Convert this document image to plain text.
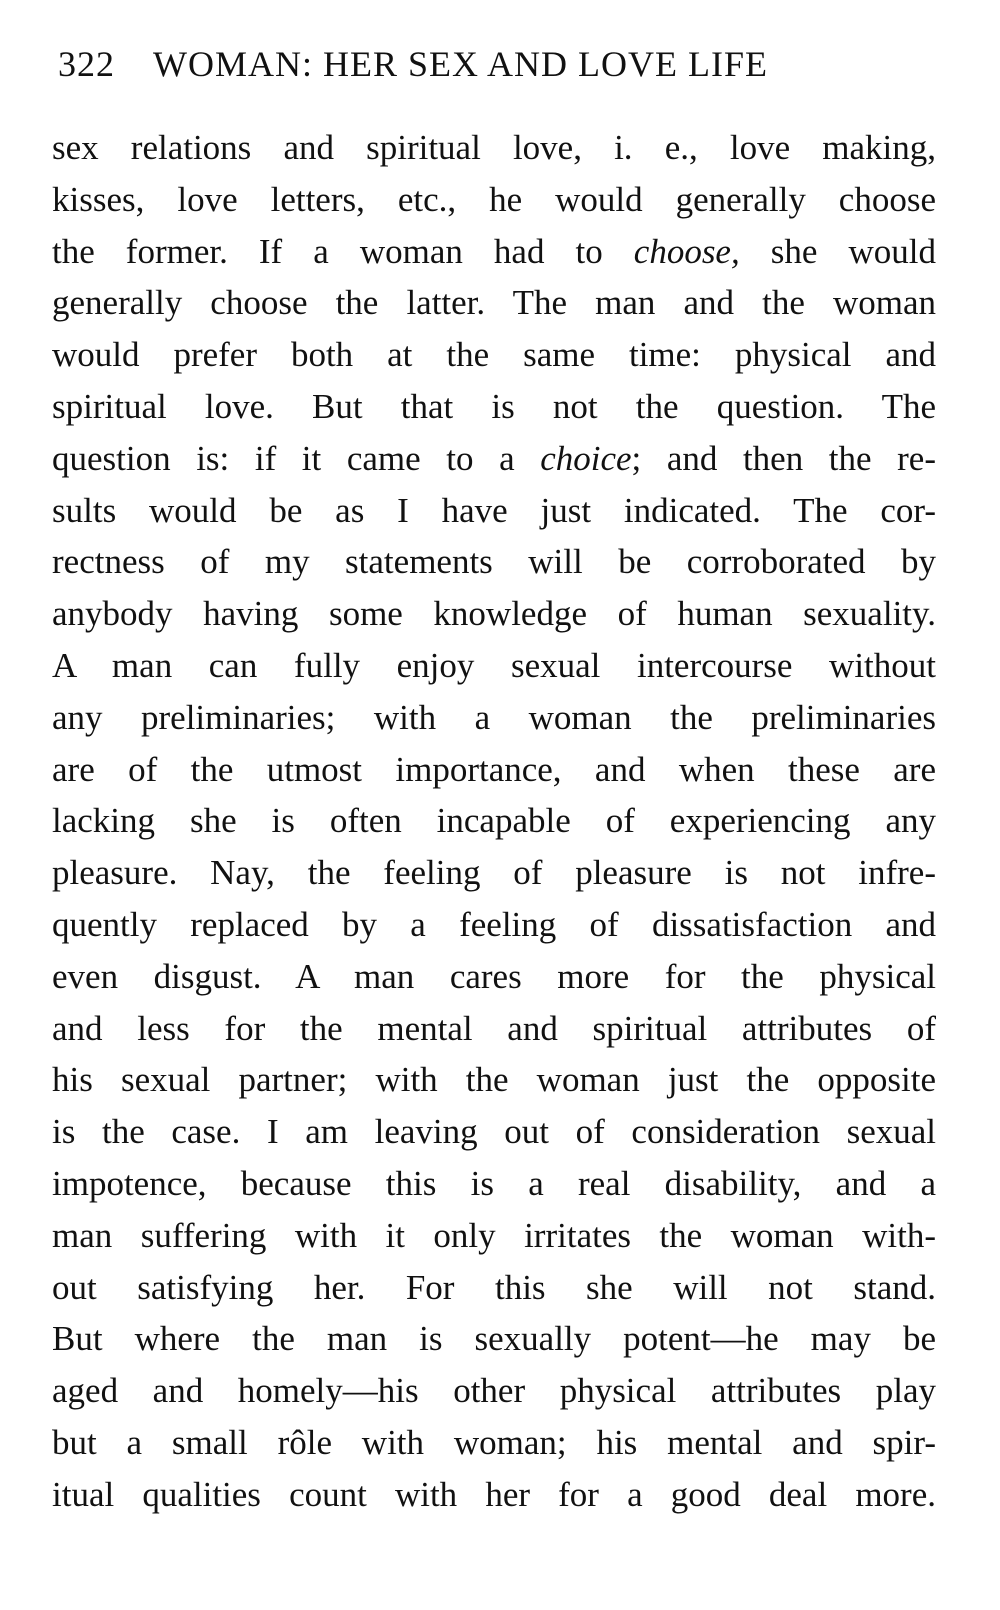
322 WOMAN: HER SEX AND LOVE LIFE
sex relations and spiritual love, i. e., love making,
kisses, love letters, etc., he would generally choose
the former. If a woman had to choose, she would
generally choose the latter. The man and the woman
would prefer both at the same time: physical and
spiritual love. But that is not the question. The
question is: if it came to a choice; and then the re-
sults would be as I have just indicated. The cor-
rectness of my statements will be corroborated by
anybody having some knowledge of human sexuality.
A man can fully enjoy sexual intercourse without
any preliminaries; with a woman the preliminaries
are of the utmost importance, and when these are
lacking she is often incapable of experiencing any
pleasure. Nay, the feeling of pleasure is not infre-
quently replaced by a feeling of dissatisfaction and
even disgust. A man cares more for the physical
and less for the mental and spiritual attributes of
his sexual partner; with the woman just the opposite
is the case. I am leaving out of consideration sexual
impotence, because this is a real disability, and a
man suffering with it only irritates the woman with-
out satisfying her. For this she will not stand.
But where the man is sexually potent—he may be
aged and homely—his other physical attributes play
but a small rôle with woman; his mental and spir-
itual qualities count with her for a good deal more.
